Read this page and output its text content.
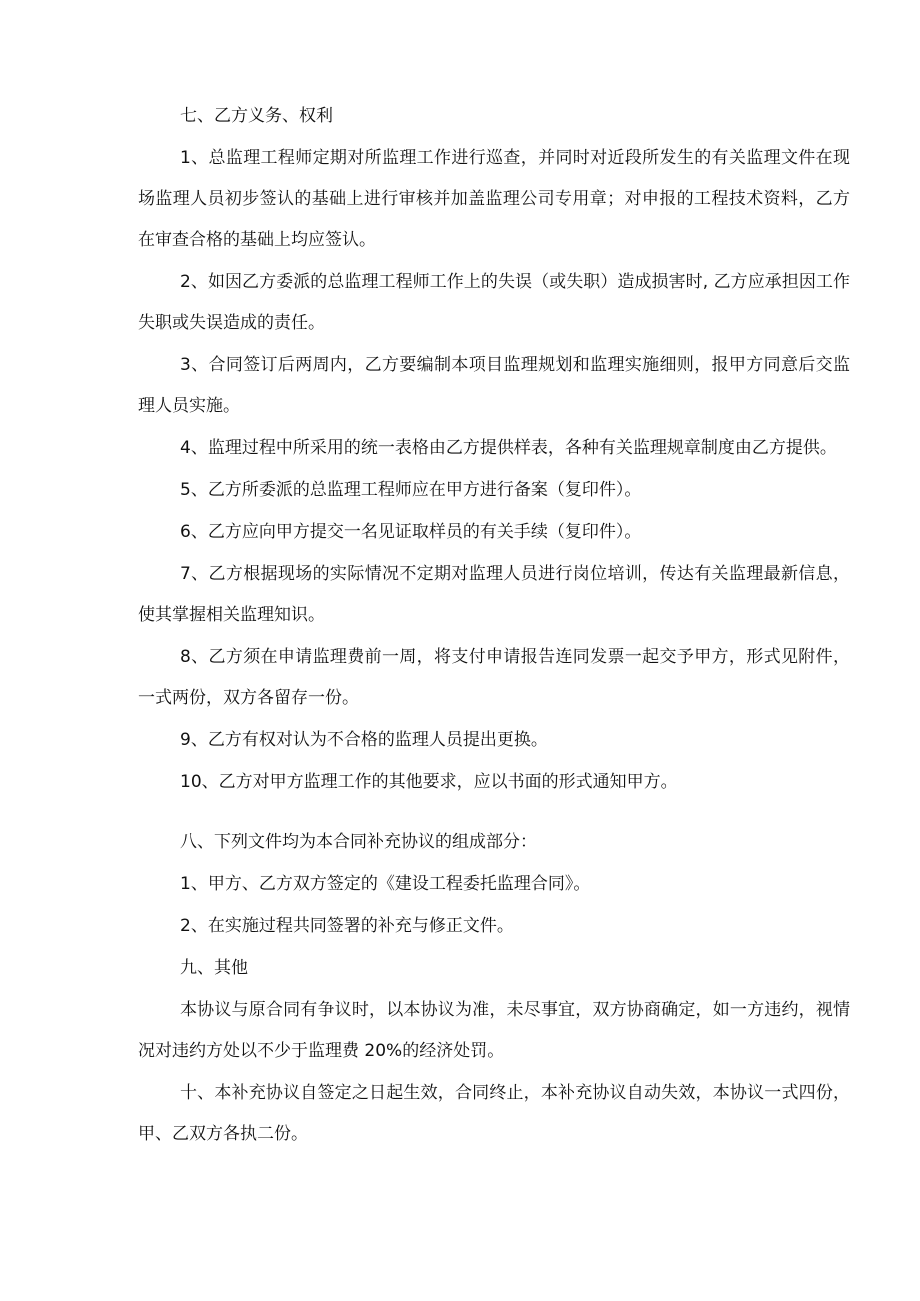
七、乙方义务、权利

1、总监理工程师定期对所监理工作进行巡查，并同时对近段所发生的有关监理文件在现场监理人员初步签认的基础上进行审核并加盖监理公司专用章；对申报的工程技术资料，乙方在审查合格的基础上均应签认。

2、如因乙方委派的总监理工程师工作上的失误（或失职）造成损害时, 乙方应承担因工作失职或失误造成的责任。

3、合同签订后两周内，乙方要编制本项目监理规划和监理实施细则，报甲方同意后交监理人员实施。

4、监理过程中所采用的统一表格由乙方提供样表，各种有关监理规章制度由乙方提供。

5、乙方所委派的总监理工程师应在甲方进行备案（复印件）。

6、乙方应向甲方提交一名见证取样员的有关手续（复印件）。

7、乙方根据现场的实际情况不定期对监理人员进行岗位培训，传达有关监理最新信息，使其掌握相关监理知识。

8、乙方须在申请监理费前一周，将支付申请报告连同发票一起交予甲方，形式见附件，一式两份，双方各留存一份。

9、乙方有权对认为不合格的监理人员提出更换。

10、乙方对甲方监理工作的其他要求，应以书面的形式通知甲方。

八、下列文件均为本合同补充协议的组成部分：

1、甲方、乙方双方签定的《建设工程委托监理合同》。

2、在实施过程共同签署的补充与修正文件。

九、其他

本协议与原合同有争议时，以本协议为准，未尽事宜，双方协商确定，如一方违约，视情况对违约方处以不少于监理费 20%的经济处罚。

十、本补充协议自签定之日起生效，合同终止，本补充协议自动失效，本协议一式四份，甲、乙双方各执二份。
